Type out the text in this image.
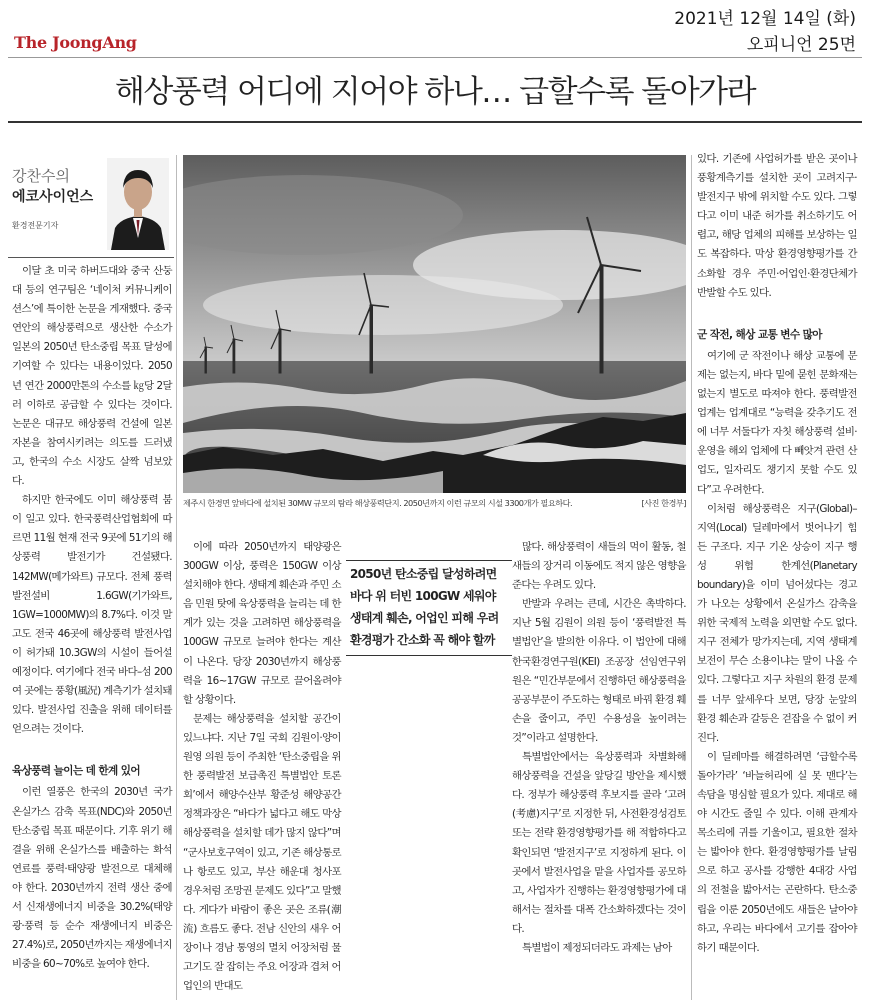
The JoongAng
2021년 12월 14일 (화)
오피니언 25면
해상풍력 어디에 지어야 하나… 급할수록 돌아가라
강찬수의
에코사이언스
환경전문기자
[사진 한경부]
제주시 한경면 앞바다에 설치된 30MW 규모의 탐라 해상풍력단지. 2050년까지 이런 규모의 시설 3300개가 필요하다.

이달 초 미국 하버드대와 중국 산둥대 등의 연구팀은 ‘네이처 커뮤니케이션스’에 특이한 논문을 게재했다. 중국 연안의 해상풍력으로 생산한 수소가 일본의 2050년 탄소중립 목표 달성에 기여할 수 있다는 내용이었다. 2050년 연간 2000만톤의 수소를 ㎏당 2달러 이하로 공급할 수 있다는 것이다. 논문은 대규모 해상풍력 건설에 일본 자본을 참여시키려는 의도를 드러냈고, 한국의 수소 시장도 살짝 넘보았다.

하지만 한국에도 이미 해상풍력 붐이 일고 있다. 한국풍력산업협회에 따르면 11월 현재 전국 9곳에 51기의 해상풍력 발전기가 건설됐다. 142MW(메가와트) 규모다. 전체 풍력 발전설비 1.6GW(기가와트, 1GW=1000MW)의 8.7%다. 이것 말고도 전국 46곳에 해상풍력 발전사업이 허가돼 10.3GW의 시설이 들어설 예정이다. 여기에다 전국 바다–섬 200여 곳에는 풍황(風況) 계측기가 설치돼 있다. 발전사업 진출을 위해 데이터를 얻으려는 것이다.

육상풍력 늘이는 데 한계 있어

이런 열풍은 한국의 2030년 국가 온실가스 감축 목표(NDC)와 2050년 탄소중립 목표 때문이다. 기후 위기 해결을 위해 온실가스를 배출하는 화석연료를 풍력·태양광 발전으로 대체해야 한다. 2030년까지 전력 생산 중에서 신재생에너지 비중을 30.2%(태양광·풍력 등 순수 재생에너지 비중은 27.4%)로, 2050년까지는 재생에너지 비중을 60~70%로 높여야 한다.

이에 따라 2050년까지 태양광은 300GW 이상, 풍력은 150GW 이상 설치해야 한다. 생태계 훼손과 주민 소음 민원 탓에 육상풍력을 늘리는 데 한계가 있는 것을 고려하면 해상풍력을 100GW 규모로 늘려야 한다는 계산이 나온다. 당장 2030년까지 해상풍력을 16~17GW 규모로 끌어올려야 할 상황이다.

문제는 해상풍력을 설치할 공간이 있느냐다. 지난 7일 국회 김원이·양이원영 의원 등이 주최한 ‘탄소중립을 위한 풍력발전 보급촉진 특별법안 토론회’에서 해양수산부 황준성 해양공간정책과장은 “바다가 넓다고 해도 막상 해상풍력을 설치할 데가 많지 않다”며 “군사보호구역이 있고, 기존 해상통로나 항로도 있고, 부산 해운대 청사포 경우처럼 조망권 문제도 있다”고 말했다. 게다가 바람이 좋은 곳은 조류(潮流) 흐름도 좋다. 전남 신안의 새우 어장이나 경남 통영의 멸치 어장처럼 물고기도 잘 잡히는 주요 어장과 겹쳐 어업인의 반대도

2050년 탄소중립 달성하려면
바다 위 터빈 100GW 세워야
생태계 훼손, 어업인 피해 우려
환경평가 간소화 꼭 해야 할까

많다. 해상풍력이 새들의 먹이 활동, 철새들의 장거리 이동에도 적지 않은 영향을 준다는 우려도 있다.

반발과 우려는 큰데, 시간은 촉박하다. 지난 5월 김원이 의원 등이 ‘풍력발전 특별법안’을 발의한 이유다. 이 법안에 대해 한국환경연구원(KEI) 조공장 선임연구위원은 “민간부문에서 진행하던 해상풍력을 공공부문이 주도하는 형태로 바꿔 환경 훼손을 줄이고, 주민 수용성을 높이려는 것”이라고 설명한다.

특별법안에서는 육상풍력과 차별화해 해상풍력을 건설을 앞당길 방안을 제시했다. 정부가 해상풍력 후보지를 골라 ‘고려(考慮)지구’로 지정한 뒤, 사전환경성검토 또는 전략 환경영향평가를 해 적합하다고 확인되면 ‘발전지구’로 지정하게 된다. 이곳에서 발전사업을 맡을 사업자를 공모하고, 사업자가 진행하는 환경영향평가에 대해서는 절차를 대폭 간소화하겠다는 것이다.

특별법이 제정되더라도 과제는 남아

있다. 기존에 사업허가를 받은 곳이나 풍황계측기를 설치한 곳이 고려지구·발전지구 밖에 위치할 수도 있다. 그렇다고 이미 내준 허가를 취소하기도 어렵고, 해당 업체의 피해를 보상하는 일도 복잡하다. 막상 환경영향평가를 간소화할 경우 주민·어업인·환경단체가 반발할 수도 있다.

군 작전, 해상 교통 변수 많아

여기에 군 작전이나 해상 교통에 문제는 없는지, 바다 밑에 묻힌 문화재는 없는지 별도로 따져야 한다. 풍력발전 업계는 업계대로 “능력을 갖추기도 전에 너무 서둘다가 자칫 해상풍력 설비·운영을 해외 업체에 다 빼앗겨 관련 산업도, 일자리도 챙기지 못할 수도 있다”고 우려한다.

이처럼 해상풍력은 지구(Global)–지역(Local) 딜레마에서 벗어나기 힘든 구조다. 지구 기온 상승이 지구 행성 위험 한계선(Planetary boundary)을 이미 넘어섰다는 경고가 나오는 상황에서 온실가스 감축을 위한 국제적 노력을 외면할 수도 없다. 지구 전체가 망가지는데, 지역 생태계 보전이 무슨 소용이냐는 말이 나올 수 있다. 그렇다고 지구 차원의 환경 문제를 너무 앞세우다 보면, 당장 눈앞의 환경 훼손과 갈등은 걷잡을 수 없이 커진다.

이 딜레마를 해결하려면 ‘급할수록 돌아가라’ ‘바늘허리에 실 못 맨다’는 속담을 명심할 필요가 있다. 제대로 해야 시간도 줄일 수 있다. 이해 관계자 목소리에 귀를 기울이고, 필요한 절차는 밟아야 한다. 환경영향평가를 날림으로 하고 공사를 강행한 4대강 사업의 전철을 밟아서는 곤란하다. 탄소중립을 이룬 2050년에도 새들은 날아야 하고, 우리는 바다에서 고기를 잡아야 하기 때문이다.
